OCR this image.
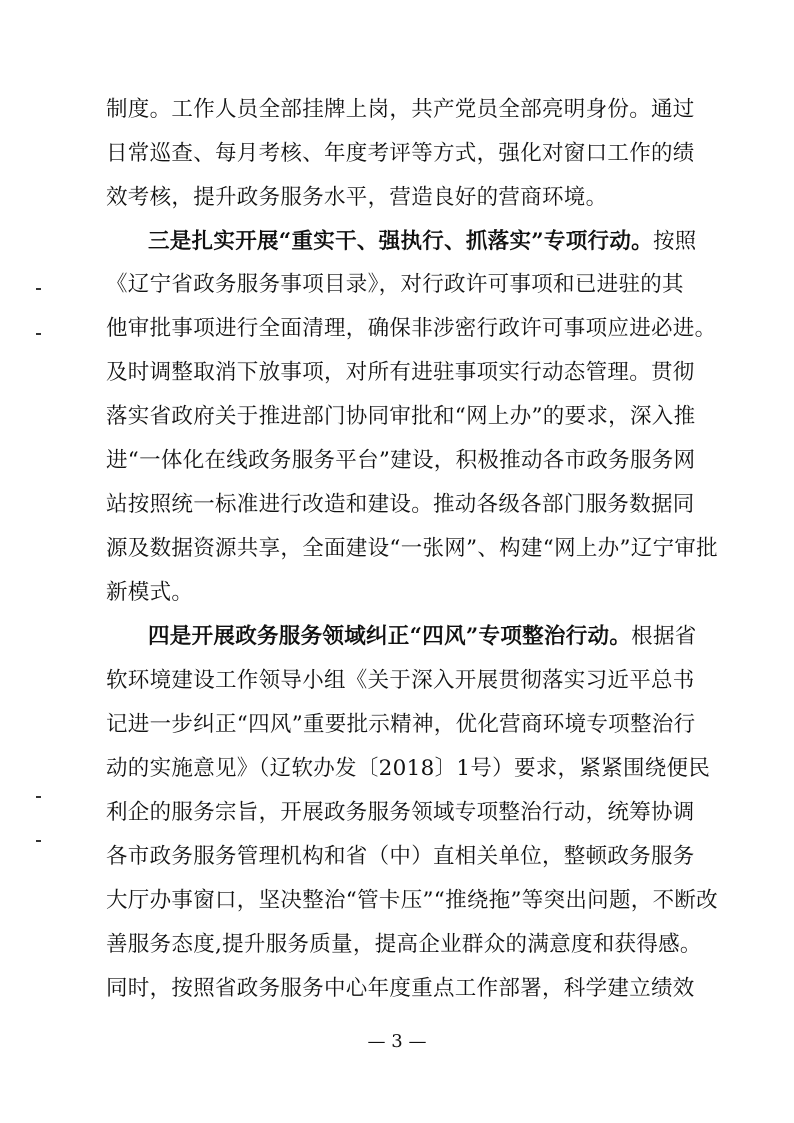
制度。工作人员全部挂牌上岗，共产党员全部亮明身份。通过
日常巡查、每月考核、年度考评等方式，强化对窗口工作的绩
效考核，提升政务服务水平，营造良好的营商环境。
三是扎实开展“重实干、强执行、抓落实”专项行动。按照
《辽宁省政务服务事项目录》，对行政许可事项和已进驻的其
他审批事项进行全面清理，确保非涉密行政许可事项应进必进。
及时调整取消下放事项，对所有进驻事项实行动态管理。贯彻
落实省政府关于推进部门协同审批和“网上办”的要求，深入推
进“一体化在线政务服务平台”建设，积极推动各市政务服务网
站按照统一标准进行改造和建设。推动各级各部门服务数据同
源及数据资源共享，全面建设“一张网”、构建“网上办”辽宁审批
新模式。
四是开展政务服务领域纠正“四风”专项整治行动。根据省
软环境建设工作领导小组《关于深入开展贯彻落实习近平总书
记进一步纠正“四风”重要批示精神，优化营商环境专项整治行
动的实施意见》（辽软办发〔2018〕1号）要求，紧紧围绕便民
利企的服务宗旨，开展政务服务领域专项整治行动，统筹协调
各市政务服务管理机构和省（中）直相关单位，整顿政务服务
大厅办事窗口，坚决整治“管卡压”“推绕拖”等突出问题，不断改
善服务态度,提升服务质量，提高企业群众的满意度和获得感。
同时，按照省政务服务中心年度重点工作部署，科学建立绩效
— 3 —
